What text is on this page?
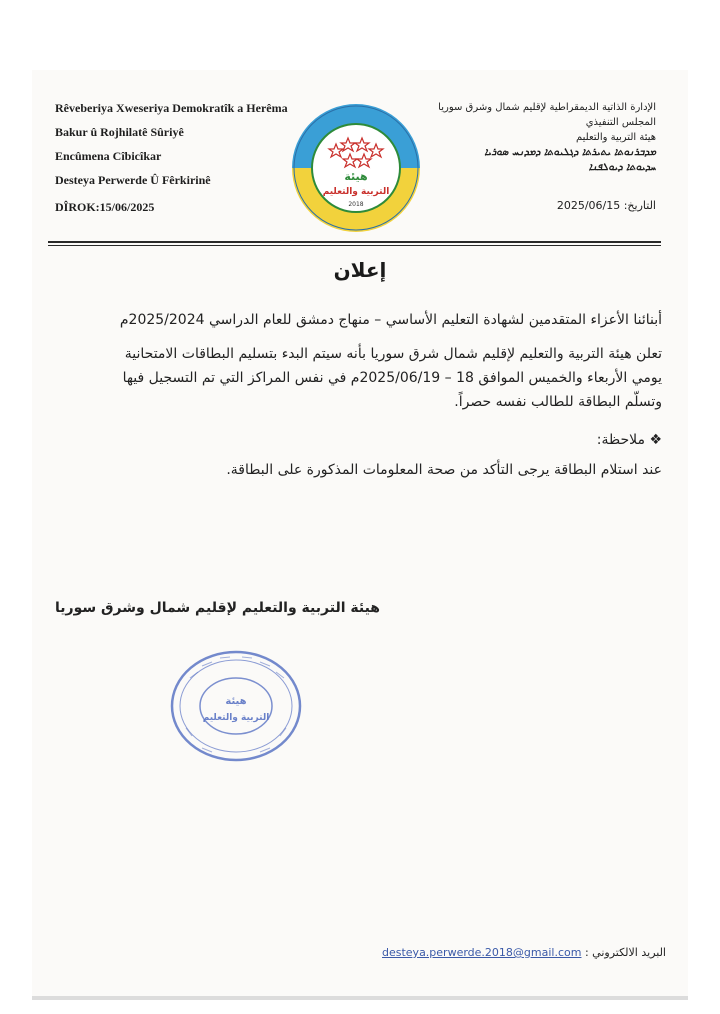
Rêveberiya Xweseriya Demokratîk a Herêma
Bakur û Rojhilatê Sûriyê
Encûmena Cîbicîkar
Desteya Perwerde Û Fêrkirinê
DÎROK:15/06/2025
الإدارة الذاتية الديمقراطية لإقليم شمال وشرق سوريا
المجلس التنفيذي
هيئة التربية والتعليم
ܡܕܒܪܢܘܬܐ ܝܬܝܪܬܐ ܕܓܠܝܘܬܐ ܕܡܕܢܚ ܣܘܪܝܐ
ܚܕܝܘܬܐ ܕܝܘܠܦܢܐ
التاريخ: 2025/06/15
هيئة
التربية والتعليم
2018
إعلان
أبنائنا الأعزاء المتقدمين لشهادة التعليم الأساسي – منهاج دمشق للعام الدراسي 2025/2024م
تعلن هيئة التربية والتعليم لإقليم شمال شرق سوريا بأنه سيتم البدء بتسليم البطاقات الامتحانية يومي الأربعاء والخميس الموافق 18 – 2025/06/19م في نفس المراكز التي تم التسجيل فيها وتسلّم البطاقة للطالب نفسه حصراً.
❖ ملاحظة:
عند استلام البطاقة يرجى التأكد من صحة المعلومات المذكورة على البطاقة.
هيئة التربية والتعليم لإقليم شمال وشرق سوريا
هيئة
التربية والتعليم
البريد الالكتروني : desteya.perwerde.2018@gmail.com
